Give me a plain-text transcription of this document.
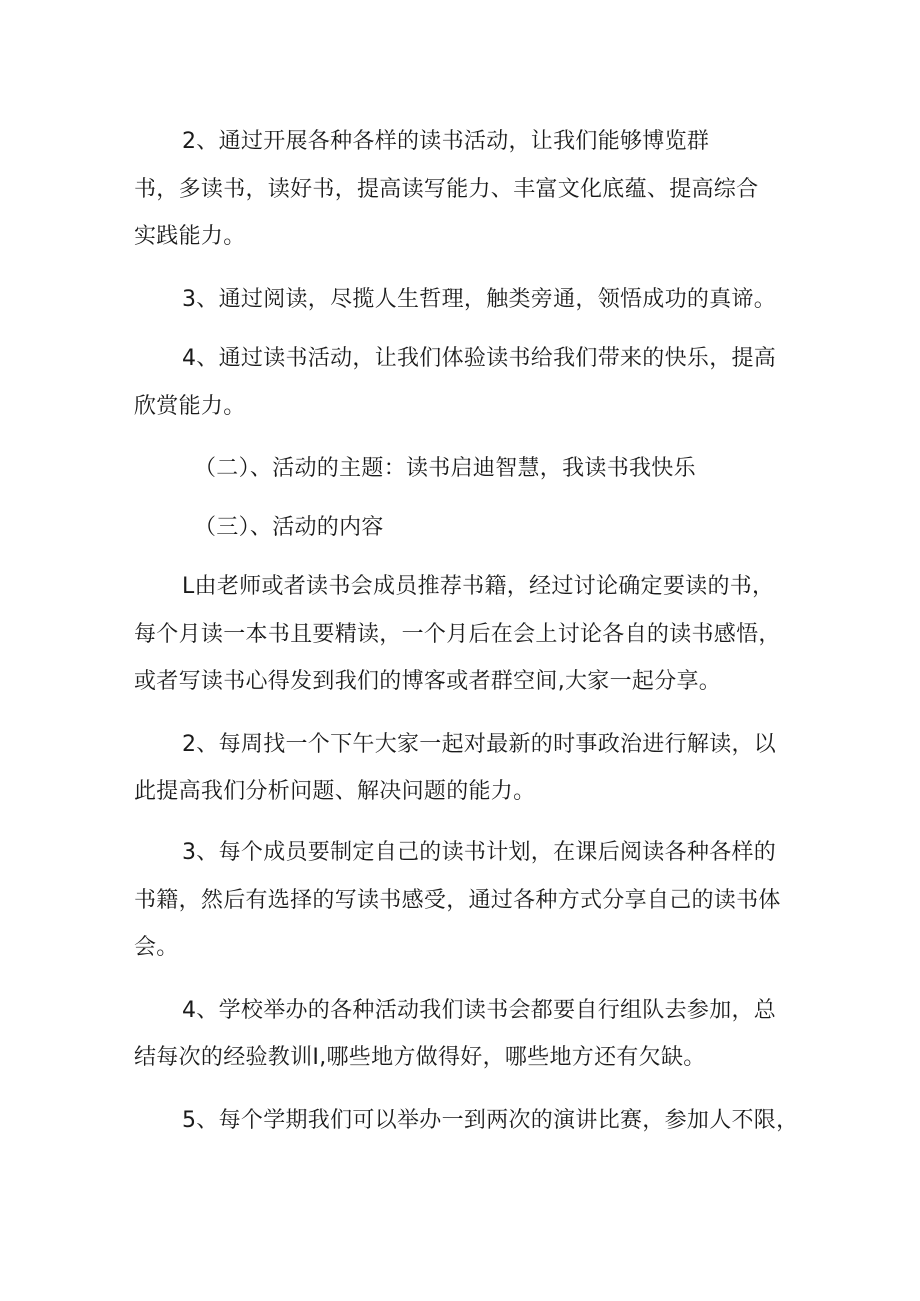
2、通过开展各种各样的读书活动，让我们能够博览群
书，多读书，读好书，提高读写能力、丰富文化底蕴、提高综合
实践能力。
3、通过阅读，尽揽人生哲理，触类旁通，领悟成功的真谛。
4、通过读书活动，让我们体验读书给我们带来的快乐，提高
欣赏能力。
（二）、活动的主题：读书启迪智慧，我读书我快乐
（三）、活动的内容
L由老师或者读书会成员推荐书籍，经过讨论确定要读的书，
每个月读一本书且要精读，一个月后在会上讨论各自的读书感悟，
或者写读书心得发到我们的博客或者群空间,大家一起分享。
2、每周找一个下午大家一起对最新的时事政治进行解读，以
此提高我们分析问题、解决问题的能力。
3、每个成员要制定自己的读书计划，在课后阅读各种各样的
书籍，然后有选择的写读书感受，通过各种方式分享自己的读书体
会。
4、学校举办的各种活动我们读书会都要自行组队去参加，总
结每次的经验教训I,哪些地方做得好，哪些地方还有欠缺。
5、每个学期我们可以举办一到两次的演讲比赛，参加人不限，
